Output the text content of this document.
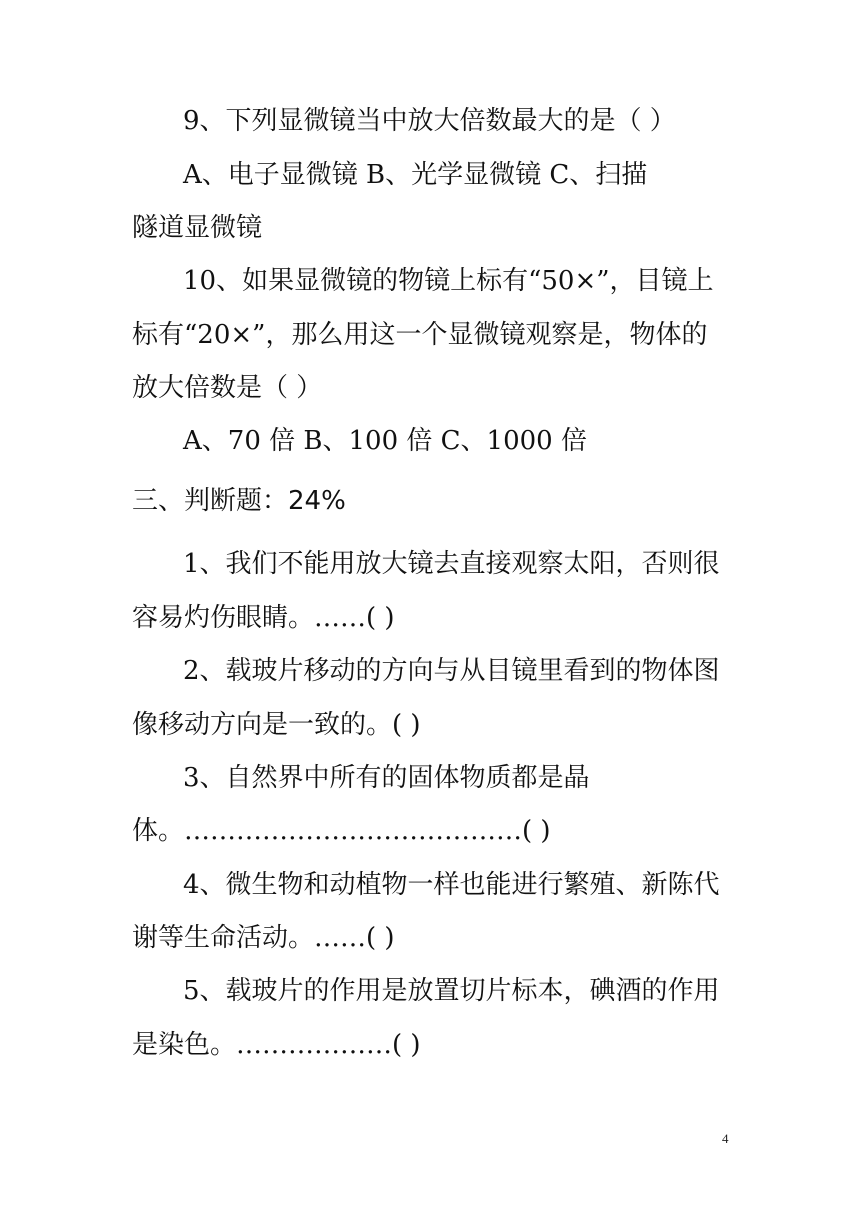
9、下列显微镜当中放大倍数最大的是（ ）
A、电子显微镜 B、光学显微镜 C、扫描
隧道显微镜
10、如果显微镜的物镜上标有“50×”，目镜上
标有“20×”，那么用这一个显微镜观察是，物体的
放大倍数是（ ）
A、70 倍 B、100 倍 C、1000 倍
三、判断题：24%
1、我们不能用放大镜去直接观察太阳，否则很
容易灼伤眼睛。……( )
2、载玻片移动的方向与从目镜里看到的物体图
像移动方向是一致的。( )
3、自然界中所有的固体物质都是晶
体。…………………………………( )
4、微生物和动植物一样也能进行繁殖、新陈代
谢等生命活动。……( )
5、载玻片的作用是放置切片标本，碘酒的作用
是染色。………………( )
4
